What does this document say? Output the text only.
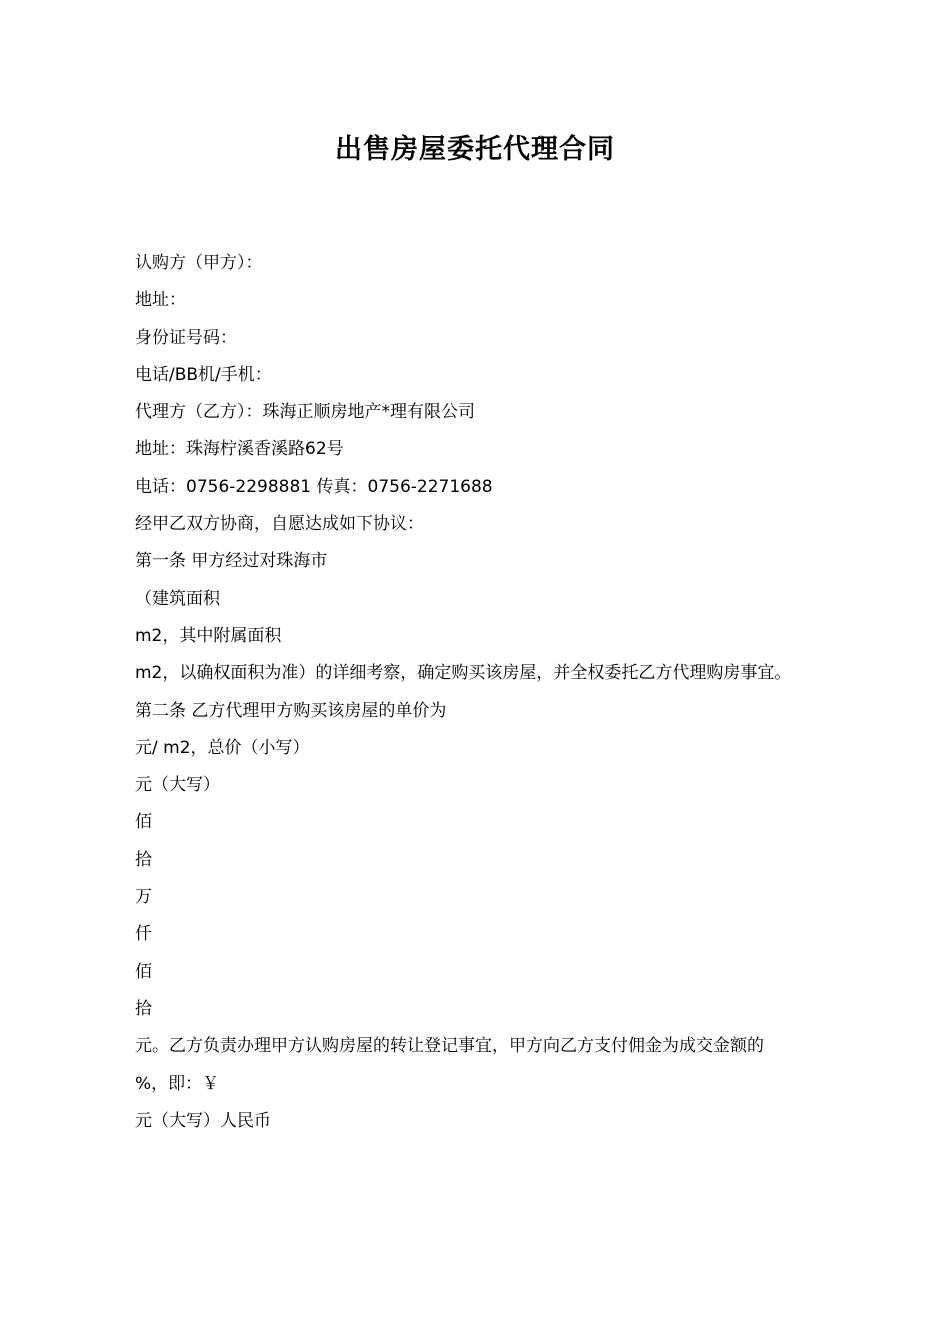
出售房屋委托代理合同

认购方（甲方）：

地址：

身份证号码：

电话/BB机/手机：

代理方（乙方）：珠海正顺房地产*理有限公司

地址：珠海柠溪香溪路62号

电话：0756-2298881 传真：0756-2271688

经甲乙双方协商，自愿达成如下协议：

第一条 甲方经过对珠海市

（建筑面积

m2，其中附属面积

m2，以确权面积为准）的详细考察，确定购买该房屋，并全权委托乙方代理购房事宜。

第二条 乙方代理甲方购买该房屋的单价为

元/ m2，总价（小写）

元（大写）

佰

拾

万

仟

佰

拾

元。乙方负责办理甲方认购房屋的转让登记事宜，甲方向乙方支付佣金为成交金额的

%，即：￥

元（大写）人民币
